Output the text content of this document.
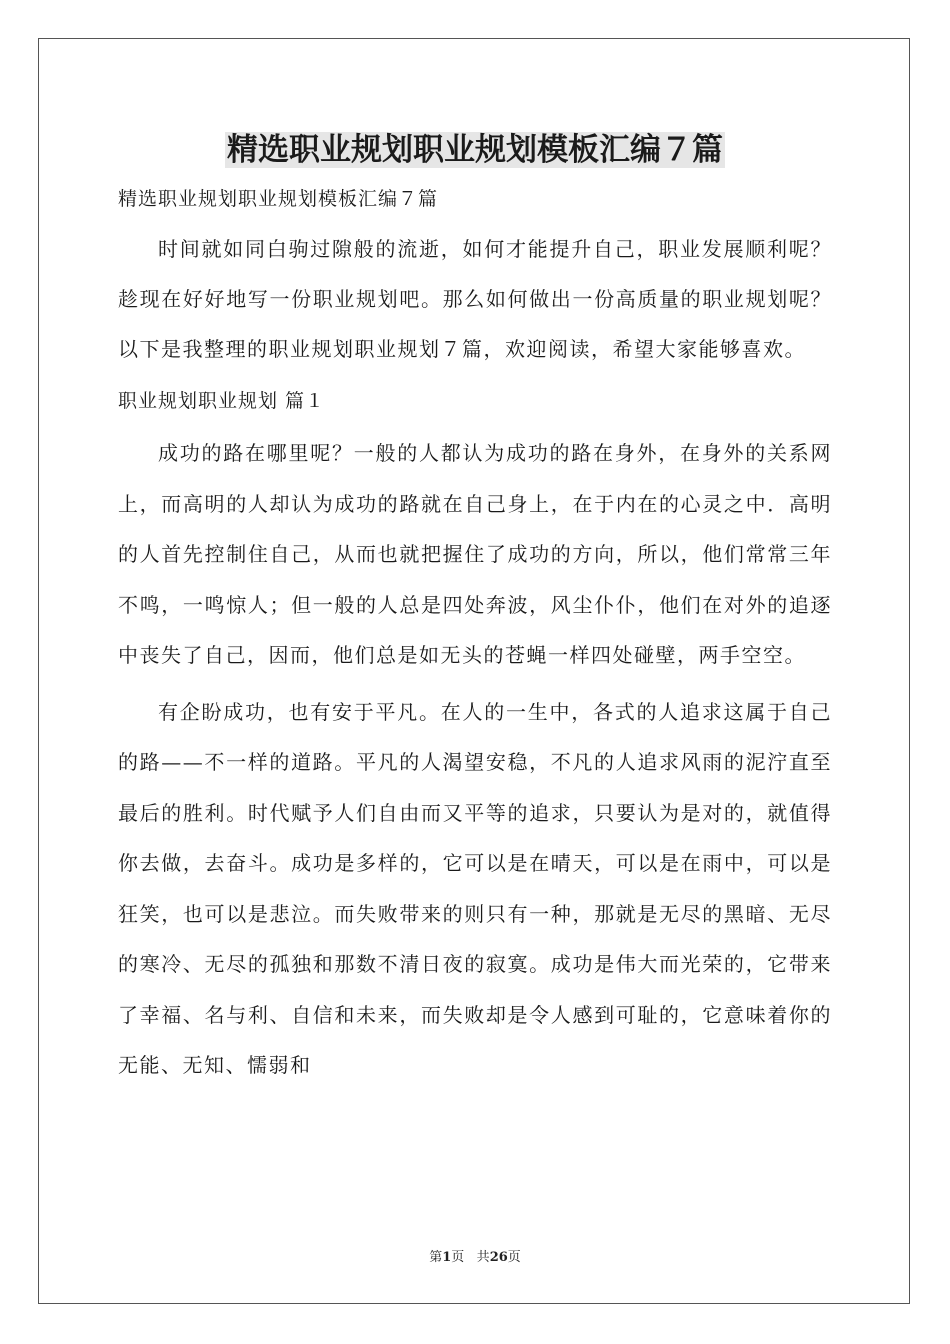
精选职业规划职业规划模板汇编７篇

精选职业规划职业规划模板汇编７篇

时间就如同白驹过隙般的流逝，如何才能提升自己，职业发展顺利呢？趁现在好好地写一份职业规划吧。那么如何做出一份高质量的职业规划呢？以下是我整理的职业规划职业规划７篇，欢迎阅读，希望大家能够喜欢。

职业规划职业规划 篇１

成功的路在哪里呢？一般的人都认为成功的路在身外，在身外的关系网上，而高明的人却认为成功的路就在自己身上，在于内在的心灵之中．高明的人首先控制住自己，从而也就把握住了成功的方向，所以，他们常常三年不鸣，一鸣惊人；但一般的人总是四处奔波，风尘仆仆，他们在对外的追逐中丧失了自己，因而，他们总是如无头的苍蝇一样四处碰壁，两手空空。

有企盼成功，也有安于平凡。在人的一生中，各式的人追求这属于自己的路——不一样的道路。平凡的人渴望安稳，不凡的人追求风雨的泥泞直至最后的胜利。时代赋予人们自由而又平等的追求，只要认为是对的，就值得你去做，去奋斗。成功是多样的，它可以是在晴天，可以是在雨中，可以是狂笑，也可以是悲泣。而失败带来的则只有一种，那就是无尽的黑暗、无尽的寒冷、无尽的孤独和那数不清日夜的寂寞。成功是伟大而光荣的，它带来了幸福、名与利、自信和未来，而失败却是令人感到可耻的，它意味着你的无能、无知、懦弱和

第1页 共26页
